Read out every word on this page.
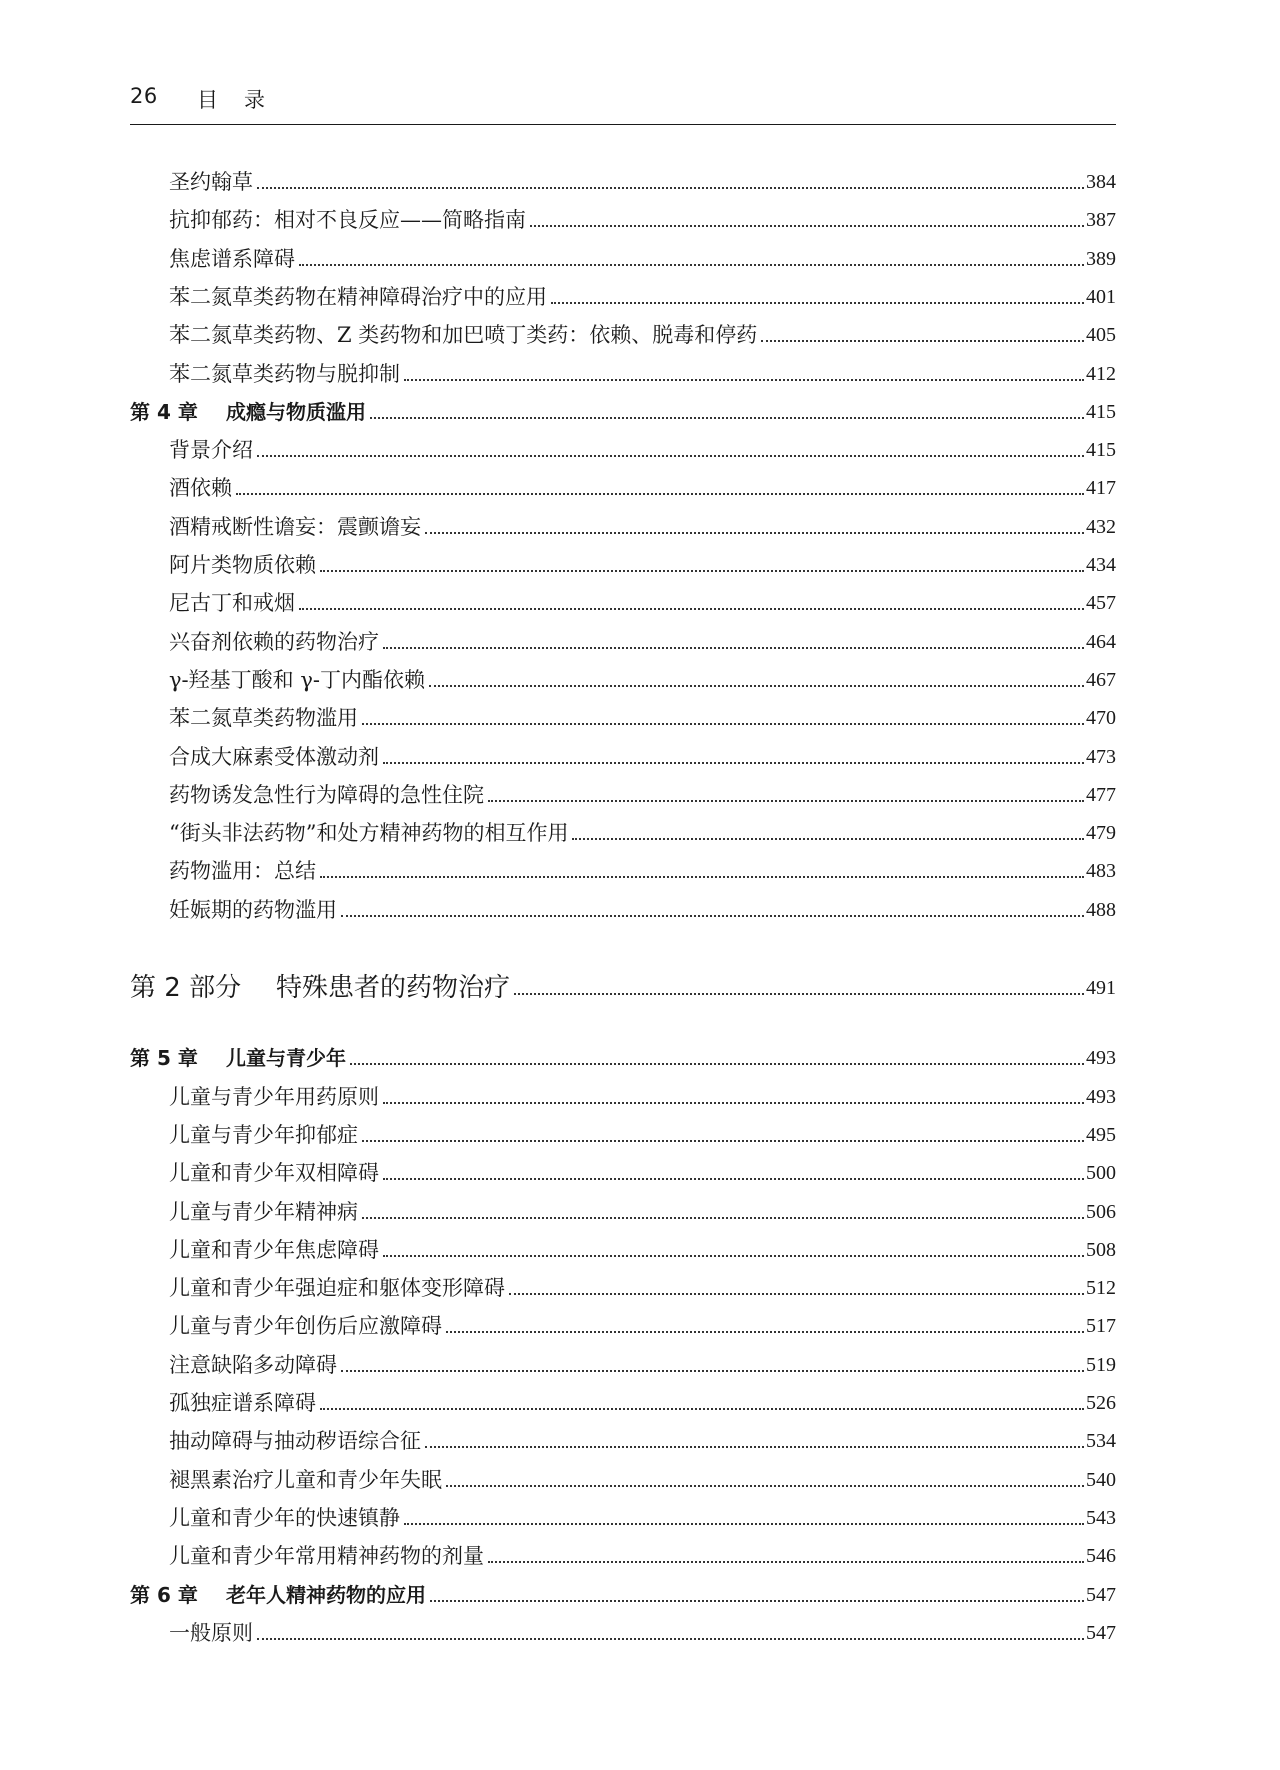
26 目录
圣约翰草	384
抗抑郁药：相对不良反应——简略指南	387
焦虑谱系障碍	389
苯二氮草类药物在精神障碍治疗中的应用	401
苯二氮草类药物、Z 类药物和加巴喷丁类药：依赖、脱毒和停药	405
苯二氮草类药物与脱抑制	412
第 4 章 成瘾与物质滥用	415
背景介绍	415
酒依赖	417
酒精戒断性谵妄：震颤谵妄	432
阿片类物质依赖	434
尼古丁和戒烟	457
兴奋剂依赖的药物治疗	464
γ-羟基丁酸和 γ-丁内酯依赖	467
苯二氮草类药物滥用	470
合成大麻素受体激动剂	473
药物诱发急性行为障碍的急性住院	477
“街头非法药物”和处方精神药物的相互作用	479
药物滥用：总结	483
妊娠期的药物滥用	488
第 2 部分 特殊患者的药物治疗	491
第 5 章 儿童与青少年	493
儿童与青少年用药原则	493
儿童与青少年抑郁症	495
儿童和青少年双相障碍	500
儿童与青少年精神病	506
儿童和青少年焦虑障碍	508
儿童和青少年强迫症和躯体变形障碍	512
儿童与青少年创伤后应激障碍	517
注意缺陷多动障碍	519
孤独症谱系障碍	526
抽动障碍与抽动秽语综合征	534
褪黑素治疗儿童和青少年失眠	540
儿童和青少年的快速镇静	543
儿童和青少年常用精神药物的剂量	546
第 6 章 老年人精神药物的应用	547
一般原则	547
